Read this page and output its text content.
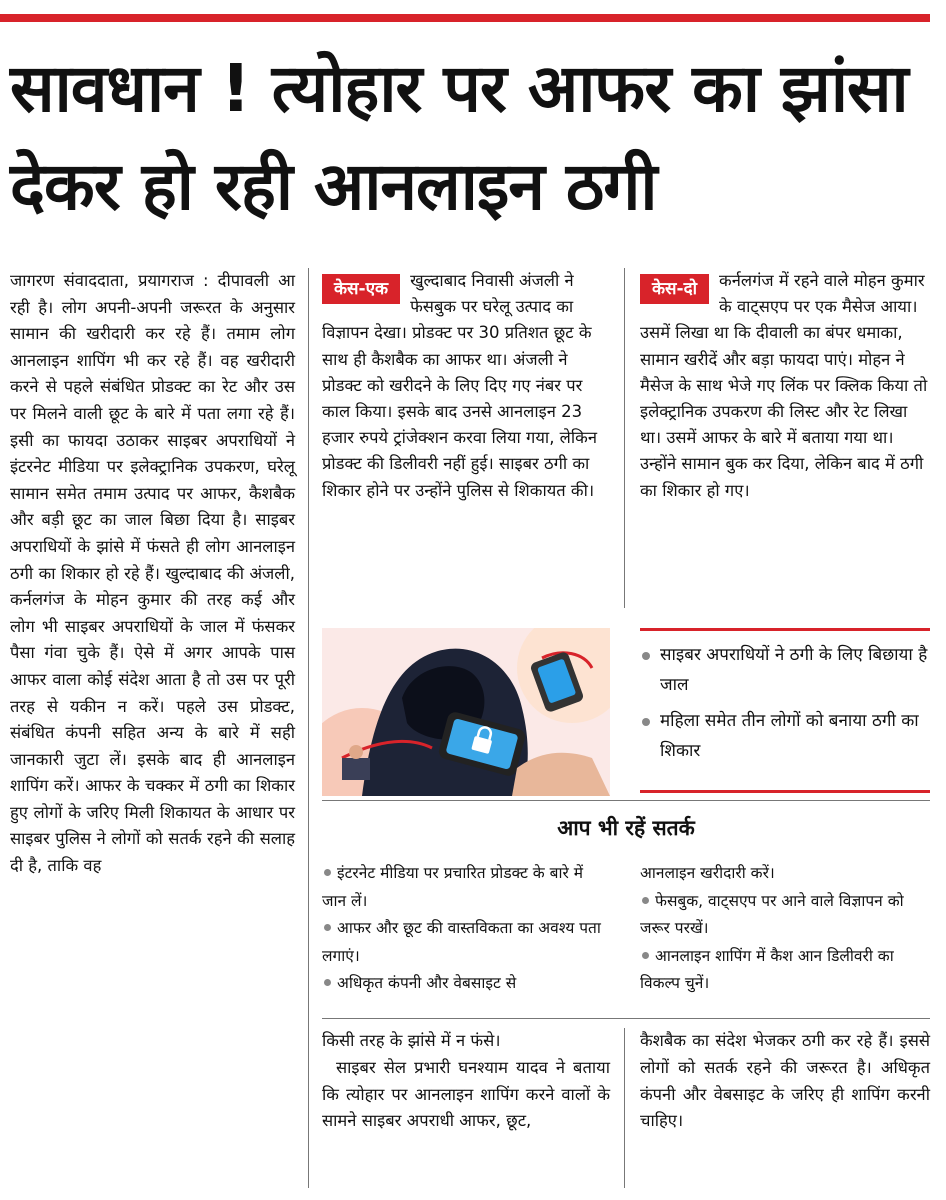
सावधान ! त्योहार पर आफर का झांसा देकर हो रही आनलाइन ठगी
जागरण संवाददाता, प्रयागराज : दीपावली आ रही है। लोग अपनी-अपनी जरूरत के अनुसार सामान की खरीदारी कर रहे हैं। तमाम लोग आनलाइन शापिंग भी कर रहे हैं। वह खरीदारी करने से पहले संबंधित प्रोडक्ट का रेट और उस पर मिलने वाली छूट के बारे में पता लगा रहे हैं। इसी का फायदा उठाकर साइबर अपराधियों ने इंटरनेट मीडिया पर इलेक्ट्रानिक उपकरण, घरेलू सामान समेत तमाम उत्पाद पर आफर, कैशबैक और बड़ी छूट का जाल बिछा दिया है। साइबर अपराधियों के झांसे में फंसते ही लोग आनलाइन ठगी का शिकार हो रहे हैं। खुल्दाबाद की अंजली, कर्नलगंज के मोहन कुमार की तरह कई और लोग भी साइबर अपराधियों के जाल में फंसकर पैसा गंवा चुके हैं। ऐसे में अगर आपके पास आफर वाला कोई संदेश आता है तो उस पर पूरी तरह से यकीन न करें। पहले उस प्रोडक्ट, संबंधित कंपनी सहित अन्य के बारे में सही जानकारी जुटा लें। इसके बाद ही आनलाइन शापिंग करें। आफर के चक्कर में ठगी का शिकार हुए लोगों के जरिए मिली शिकायत के आधार पर साइबर पुलिस ने लोगों को सतर्क रहने की सलाह दी है, ताकि वह
केस-एक	खुल्दाबाद निवासी अंजली ने फेसबुक पर घरेलू उत्पाद का विज्ञापन देखा। प्रोडक्ट पर 30 प्रतिशत छूट के साथ ही कैशबैक का आफर था। अंजली ने प्रोडक्ट को खरीदने के लिए दिए गए नंबर पर काल किया। इसके बाद उनसे आनलाइन 23 हजार रुपये ट्रांजेक्शन करवा लिया गया, लेकिन प्रोडक्ट की डिलीवरी नहीं हुई। साइबर ठगी का शिकार होने पर उन्होंने पुलिस से शिकायत की।
केस-दो	कर्नलगंज में रहने वाले मोहन कुमार के वाट्सएप पर एक मैसेज आया। उसमें लिखा था कि दीवाली का बंपर धमाका, सामान खरीदें और बड़ा फायदा पाएं। मोहन ने मैसेज के साथ भेजे गए लिंक पर क्लिक किया तो इलेक्ट्रानिक उपकरण की लिस्ट और रेट लिखा था। उसमें आफर के बारे में बताया गया था। उन्होंने सामान बुक कर दिया, लेकिन बाद में ठगी का शिकार हो गए।
साइबर अपराधियों ने ठगी के लिए बिछाया है जाल
महिला समेत तीन लोगों को बनाया ठगी का शिकार
आप भी रहें सतर्क
इंटरनेट मीडिया पर प्रचारित प्रोडक्ट के बारे में जान लें।
आफर और छूट की वास्तविकता का अवश्य पता लगाएं।
अधिकृत कंपनी और वेबसाइट से
आनलाइन खरीदारी करें।
फेसबुक, वाट्सएप पर आने वाले विज्ञापन को जरूर परखें।
आनलाइन शापिंग में कैश आन डिलीवरी का विकल्प चुनें।
किसी तरह के झांसे में न फंसे।
साइबर सेल प्रभारी घनश्याम यादव ने बताया कि त्योहार पर आनलाइन शापिंग करने वालों के सामने साइबर अपराधी आफर, छूट,

कैशबैक का संदेश भेजकर ठगी कर रहे हैं। इससे लोगों को सतर्क रहने की जरूरत है। अधिकृत कंपनी और वेबसाइट के जरिए ही शापिंग करनी चाहिए।
